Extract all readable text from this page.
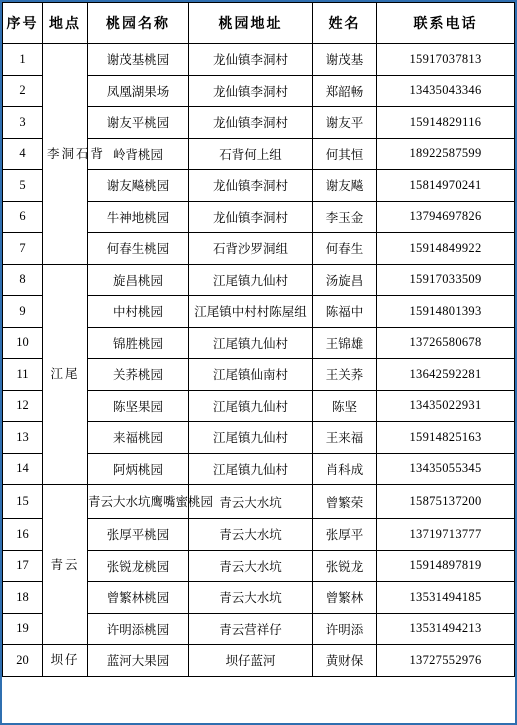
序号	地点	桃园名称	桃园地址	姓名	联系电话
1	李洞石背	谢茂基桃园	龙仙镇李洞村	谢茂基	15917037813
2		凤凰湖果场	龙仙镇李洞村	郑韶畅	13435043346
3		谢友平桃园	龙仙镇李洞村	谢友平	15914829116
4		岭背桃园	石背何上组	何其恒	18922587599
5		谢友飚桃园	龙仙镇李洞村	谢友飚	15814970241
6		牛神地桃园	龙仙镇李洞村	李玉金	13794697826
7		何春生桃园	石背沙罗洞组	何春生	15914849922
8	江尾	旋昌桃园	江尾镇九仙村	汤旋昌	15917033509
9		中村桃园	江尾镇中村村陈屋组	陈福中	15914801393
10		锦胜桃园	江尾镇九仙村	王锦雄	13726580678
11		关荞桃园	江尾镇仙南村	王关荞	13642592281
12		陈坚果园	江尾镇九仙村	陈坚	13435022931
13		来福桃园	江尾镇九仙村	王来福	15914825163
14		阿炳桃园	江尾镇九仙村	肖科成	13435055345
15	青云	青云大水坑鹰嘴蜜桃园	青云大水坑	曾繁荣	15875137200
16		张厚平桃园	青云大水坑	张厚平	13719713777
17		张锐龙桃园	青云大水坑	张锐龙	15914897819
18		曾繁林桃园	青云大水坑	曾繁林	13531494185
19		许明添桃园	青云营祥仔	许明添	13531494213
20	坝仔	蓝河大果园	坝仔蓝河	黄财保	13727552976
